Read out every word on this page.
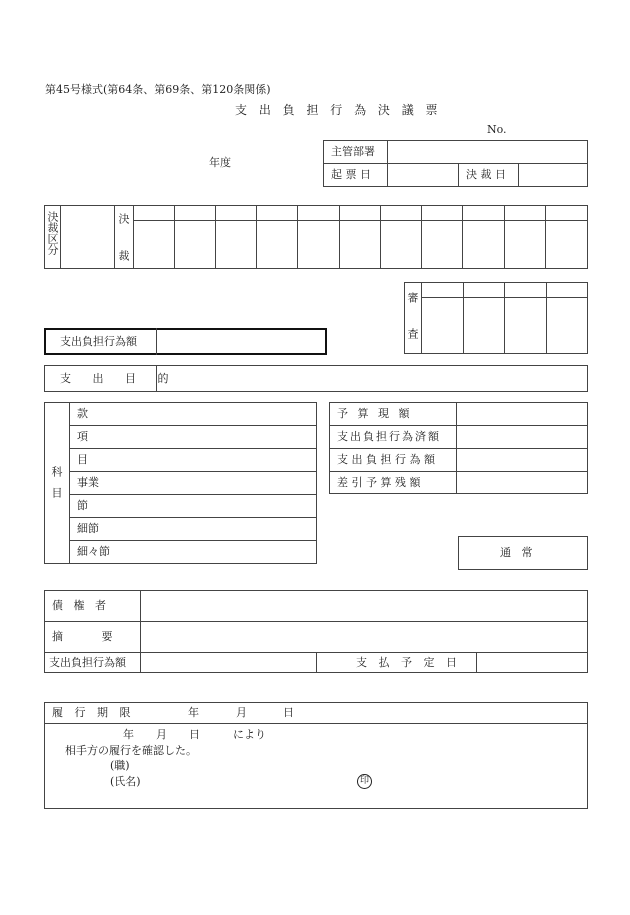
第45号様式(第64条、第69条、第120条関係)
支 出 負 担 行 為 決 議 票
No.
年度
主管部署
起 票 日	決 裁 日
決裁区分	決裁
審査
支出負担行為額
支 出 目 的
科目
款
項
目
事業
節
細節
細々節
予 算 現 額
支出負担行為済額
支 出 負 担 行 為 額
差 引 予 算 残 額
通   常
債   権   者
摘           要
支出負担行為額	支 払 予 定 日
履 行 期 限	年	月	日
年　　月　　日　　　により
相手方の履行を確認した。
(職)
(氏名)	印
